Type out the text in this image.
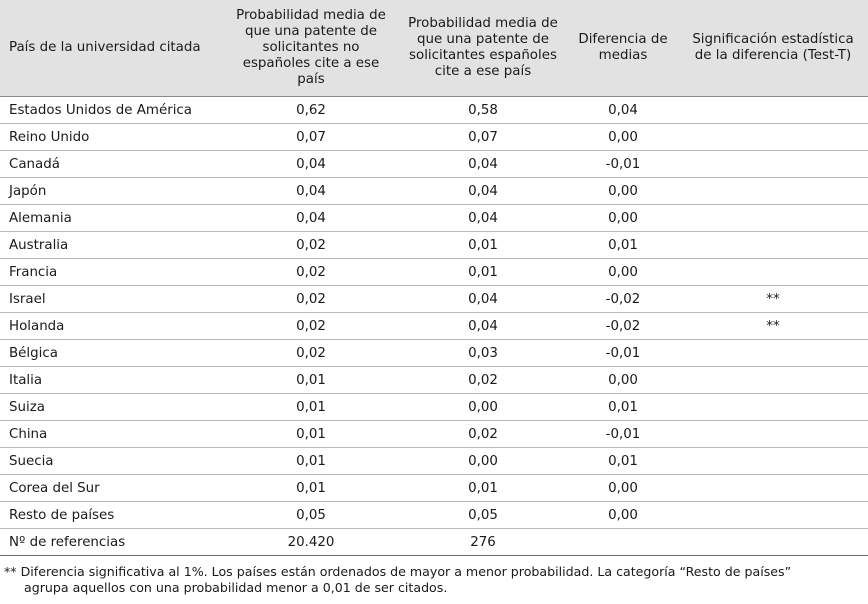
País de la universidad citada	Probabilidad media de que una patente de solicitantes no españoles cite a ese país	Probabilidad media de que una patente de solicitantes españoles cite a ese país	Diferencia de medias	Significación estadística de la diferencia (Test-T)
Estados Unidos de América	0,62	0,58	0,04	
Reino Unido	0,07	0,07	0,00	
Canadá	0,04	0,04	-0,01	
Japón	0,04	0,04	0,00	
Alemania	0,04	0,04	0,00	
Australia	0,02	0,01	0,01	
Francia	0,02	0,01	0,00	
Israel	0,02	0,04	-0,02	**
Holanda	0,02	0,04	-0,02	**
Bélgica	0,02	0,03	-0,01	
Italia	0,01	0,02	0,00	
Suiza	0,01	0,00	0,01	
China	0,01	0,02	-0,01	
Suecia	0,01	0,00	0,01	
Corea del Sur	0,01	0,01	0,00	
Resto de países	0,05	0,05	0,00	
Nº de referencias	20.420	276		
** Diferencia significativa al 1%. Los países están ordenados de mayor a menor probabilidad. La categoría “Resto de países”
agrupa aquellos con una probabilidad menor a 0,01 de ser citados.
